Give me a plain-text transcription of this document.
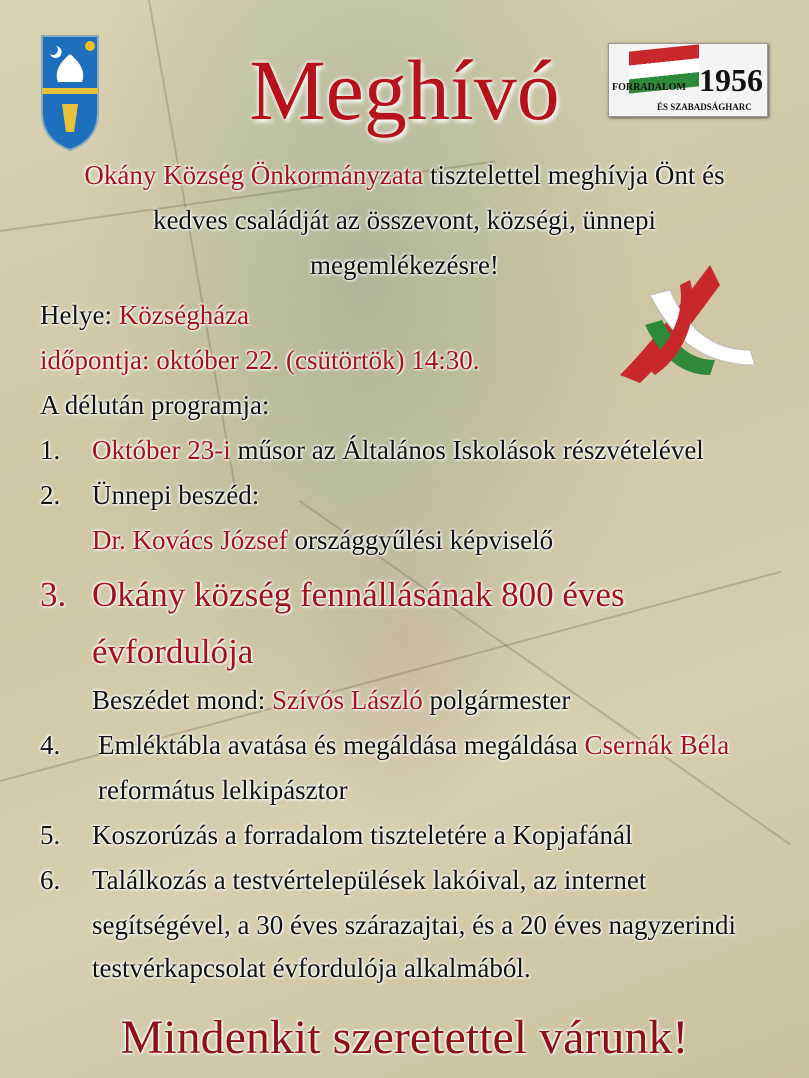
Meghívó	1956
FORRADALOM
ÉS SZABADSÁGHARC
Okány Község Önkormányzata tisztelettel meghívja Önt és
kedves családját az összevont, községi, ünnepi
megemlékezésre!
Helye: Községháza
időpontja: október 22. (csütörtök) 14:30.
A délután programja:
1. Október 23-i műsor az Általános Iskolások részvételével
2. Ünnepi beszéd:
Dr. Kovács József országgyűlési képviselő
3. Okány község fennállásának 800 éves
évfordulója
Beszédet mond: Szívós László polgármester
4. Emléktábla avatása és megáldása megáldása Csernák Béla
református lelkipásztor
5. Koszorúzás a forradalom tiszteletére a Kopjafánál
6. Találkozás a testvértelepülések lakóival, az internet
segítségével, a 30 éves szárazajtai, és a 20 éves nagyzerindi
testvérkapcsolat évfordulója alkalmából.
Mindenkit szeretettel várunk!
